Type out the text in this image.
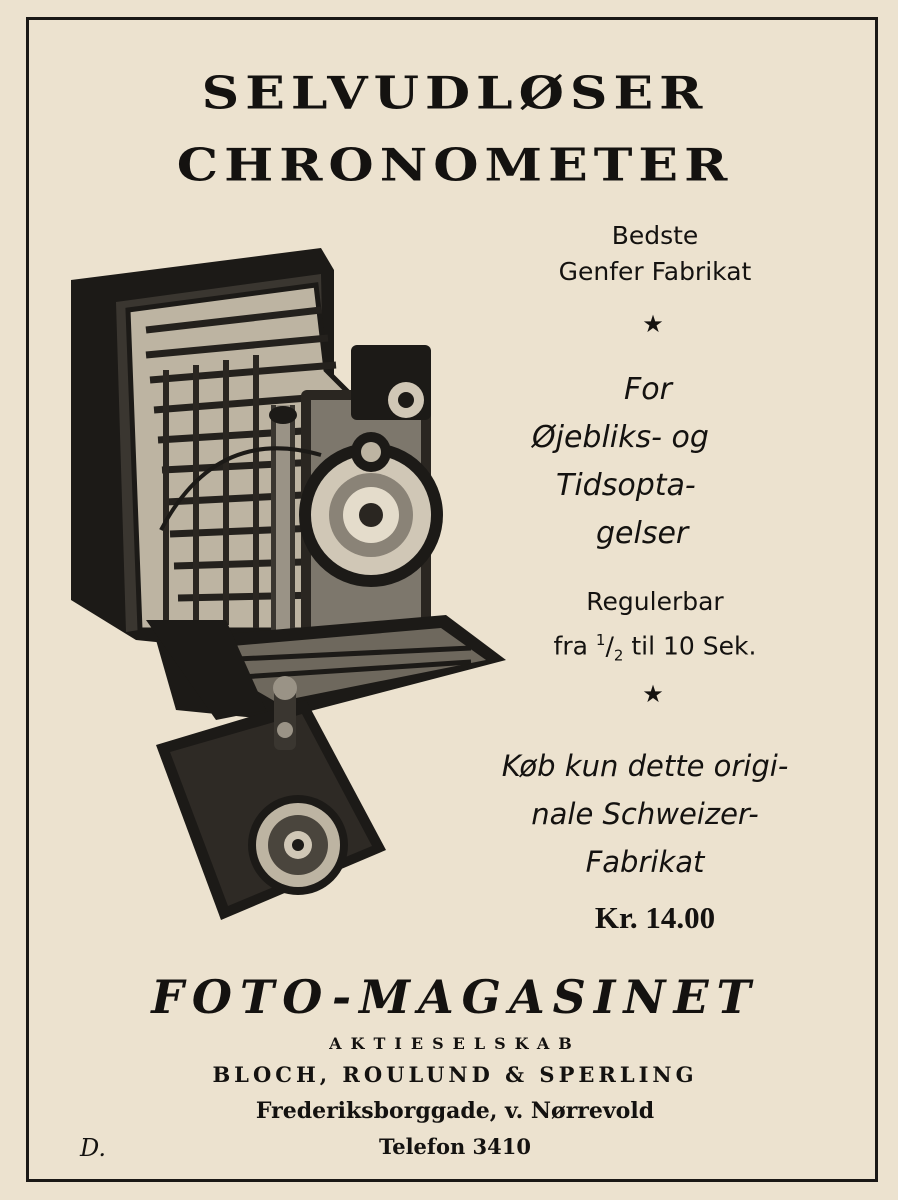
SELVUDLØSER
CHRONOMETER
Bedste
Genfer Fabrikat
★
For
Øjebliks- og
Tidsopta-
gelser
Regulerbar
fra $^1/_2$ til 10 Sek.
★
Køb kun dette origi-
nale Schweizer-
Fabrikat
Kr. 14.00
FOTO-MAGASINET
AKTIESELSKAB
BLOCH, ROULUND & SPERLING
Frederiksborggade, v. Nørrevold
Telefon 3410
D.
